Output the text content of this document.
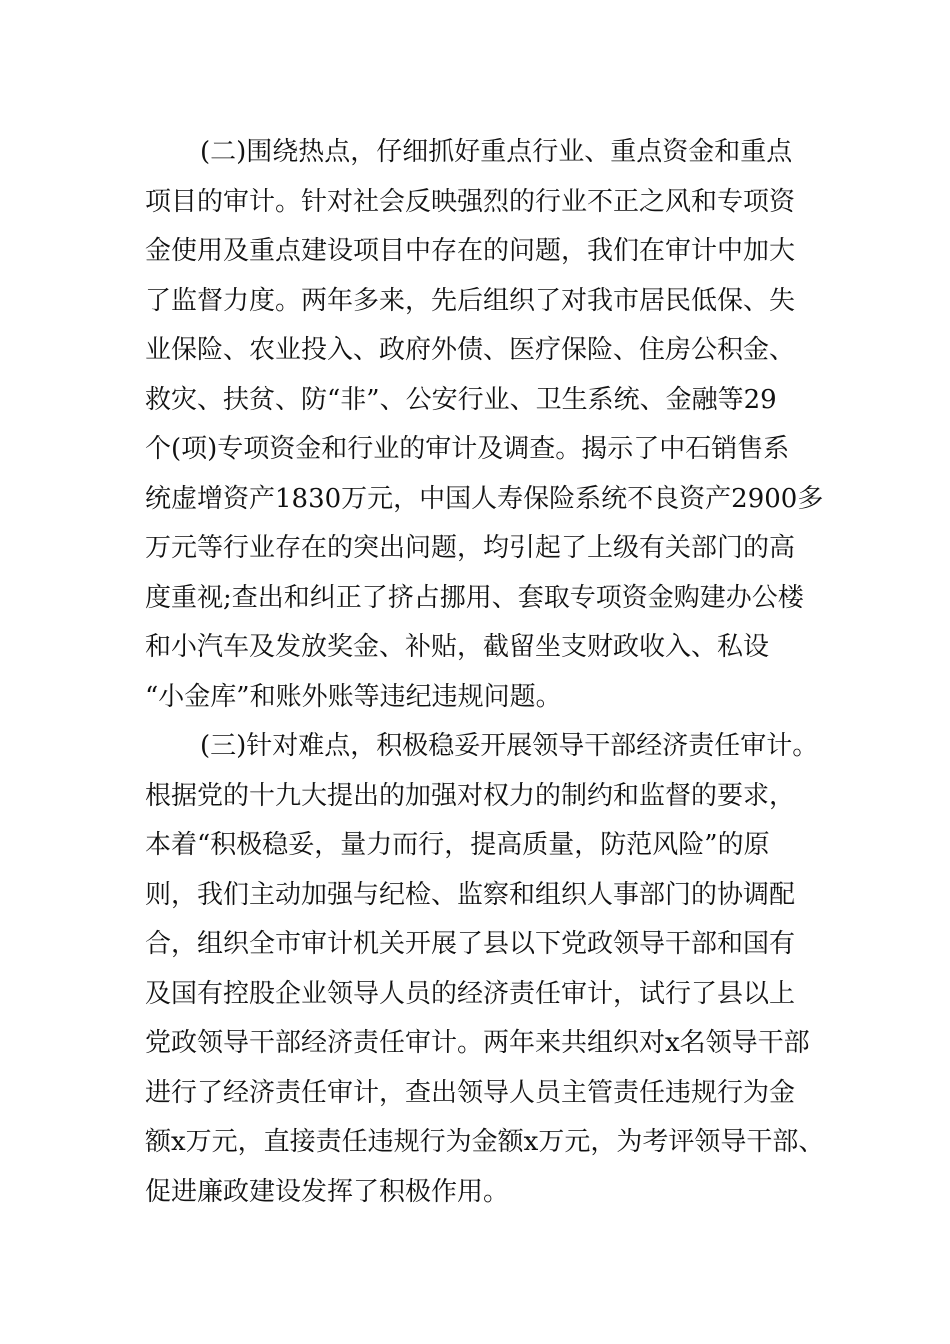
(二)围绕热点，仔细抓好重点行业、重点资金和重点
项目的审计。针对社会反映强烈的行业不正之风和专项资
金使用及重点建设项目中存在的问题，我们在审计中加大
了监督力度。两年多来，先后组织了对我市居民低保、失
业保险、农业投入、政府外债、医疗保险、住房公积金、
救灾、扶贫、防“非”、公安行业、卫生系统、金融等29
个(项)专项资金和行业的审计及调查。揭示了中石销售系
统虚增资产1830万元，中国人寿保险系统不良资产2900多
万元等行业存在的突出问题，均引起了上级有关部门的高
度重视;查出和纠正了挤占挪用、套取专项资金购建办公楼
和小汽车及发放奖金、补贴，截留坐支财政收入、私设
“小金库”和账外账等违纪违规问题。
(三)针对难点，积极稳妥开展领导干部经济责任审计。
根据党的十九大提出的加强对权力的制约和监督的要求，
本着“积极稳妥，量力而行，提高质量，防范风险”的原
则，我们主动加强与纪检、监察和组织人事部门的协调配
合，组织全市审计机关开展了县以下党政领导干部和国有
及国有控股企业领导人员的经济责任审计，试行了县以上
党政领导干部经济责任审计。两年来共组织对x名领导干部
进行了经济责任审计，查出领导人员主管责任违规行为金
额x万元，直接责任违规行为金额x万元，为考评领导干部、
促进廉政建设发挥了积极作用。
